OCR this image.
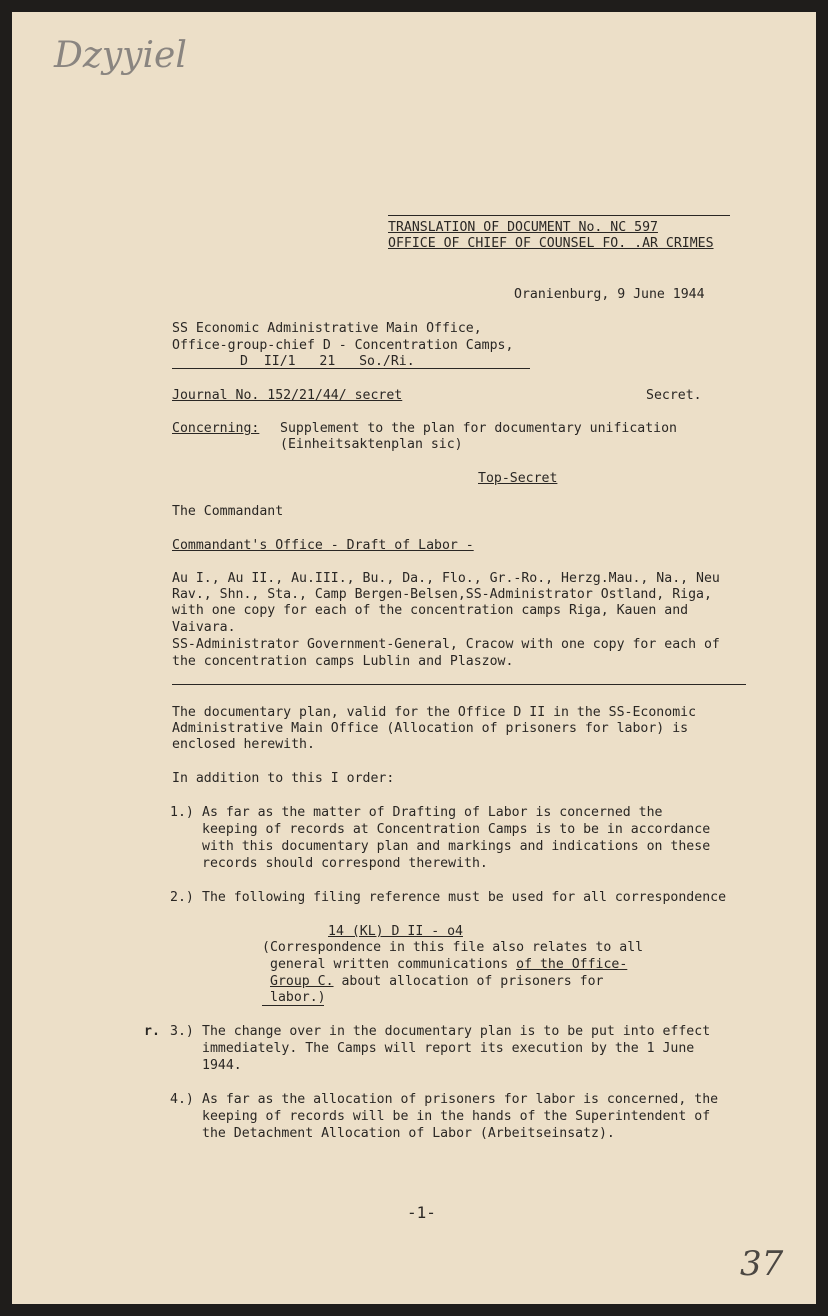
Dzyyiel
TRANSLATION OF DOCUMENT No. NC 597
OFFICE OF CHIEF OF COUNSEL FO. .AR CRIMES
Oranienburg, 9 June 1944
SS Economic Administrative Main Office,
Office-group-chief D - Concentration Camps,
D  II/1   21   So./Ri.
Journal No. 152/21/44/ secret	Secret.
Concerning: Supplement to the plan for documentary unification
(Einheitsaktenplan sic)
Top-Secret
The Commandant
Commandant's Office - Draft of Labor -
Au I., Au II., Au.III., Bu., Da., Flo., Gr.-Ro., Herzg.Mau., Na., Neu
Rav., Shn., Sta., Camp Bergen-Belsen,SS-Administrator Ostland, Riga,
with one copy for each of the concentration camps Riga, Kauen and
Vaivara.
SS-Administrator Government-General, Cracow with one copy for each of
the concentration camps Lublin and Plaszow.
The documentary plan, valid for the Office D II in the SS-Economic
Administrative Main Office (Allocation of prisoners for labor) is
enclosed herewith.
In addition to this I order:
1.) As far as the matter of Drafting of Labor is concerned the
keeping of records at Concentration Camps is to be in accordance
with this documentary plan and markings and indications on these
records should correspond therewith.
2.) The following filing reference must be used for all correspondence
14 (KL) D II - o4
(Correspondence in this file also relates to all
general written communications of the Office-
Group C. about allocation of prisoners for
labor.)
r. 3.) The change over in the documentary plan is to be put into effect
immediately. The Camps will report its execution by the 1 June
1944.
4.) As far as the allocation of prisoners for labor is concerned, the
keeping of records will be in the hands of the Superintendent of
the Detachment Allocation of Labor (Arbeitseinsatz).
-1-
37
